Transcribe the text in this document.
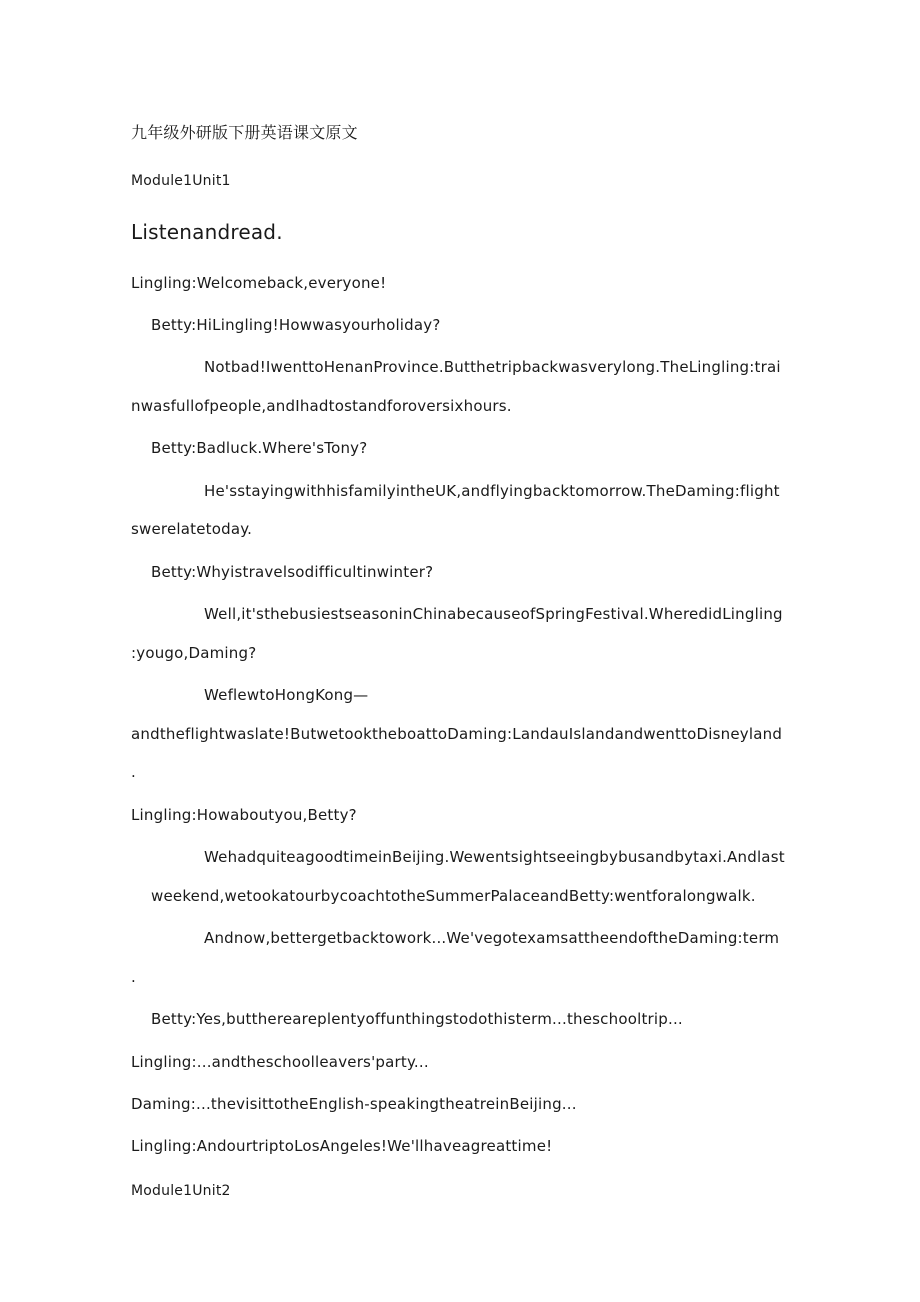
九年级外研版下册英语课文原文
Module1Unit1
Listenandread.
Lingling:Welcomeback,everyone!
Betty:HiLingling!Howwasyourholiday?
Notbad!IwenttoHenanProvince.Butthetripbackwasverylong.TheLingling:trai
nwasfullofpeople,andIhadtostandforoversixhours.
Betty:Badluck.Where'sTony?
He'sstayingwithhisfamilyintheUK,andflyingbacktomorrow.TheDaming:flight
swerelatetoday.
Betty:Whyistravelsodifficultinwinter?
Well,it'sthebusiestseasoninChinabecauseofSpringFestival.WheredidLingling
:yougo,Daming?
WeflewtoHongKong—
andtheflightwaslate!ButwetooktheboattoDaming:LandauIslandandwenttoDisneyland
.
Lingling:Howaboutyou,Betty?
WehadquiteagoodtimeinBeijing.Wewentsightseeingbybusandbytaxi.Andlast
weekend,wetookatourbycoachtotheSummerPalaceandBetty:wentforalongwalk.
Andnow,bettergetbacktowork...We'vegotexamsattheendoftheDaming:term
.
Betty:Yes,butthereareplentyoffunthingstodothisterm...theschooltrip...
Lingling:...andtheschoolleavers'party...
Daming:...thevisittotheEnglish-speakingtheatreinBeijing...
Lingling:AndourtriptoLosAngeles!We'llhaveagreattime!
Module1Unit2
